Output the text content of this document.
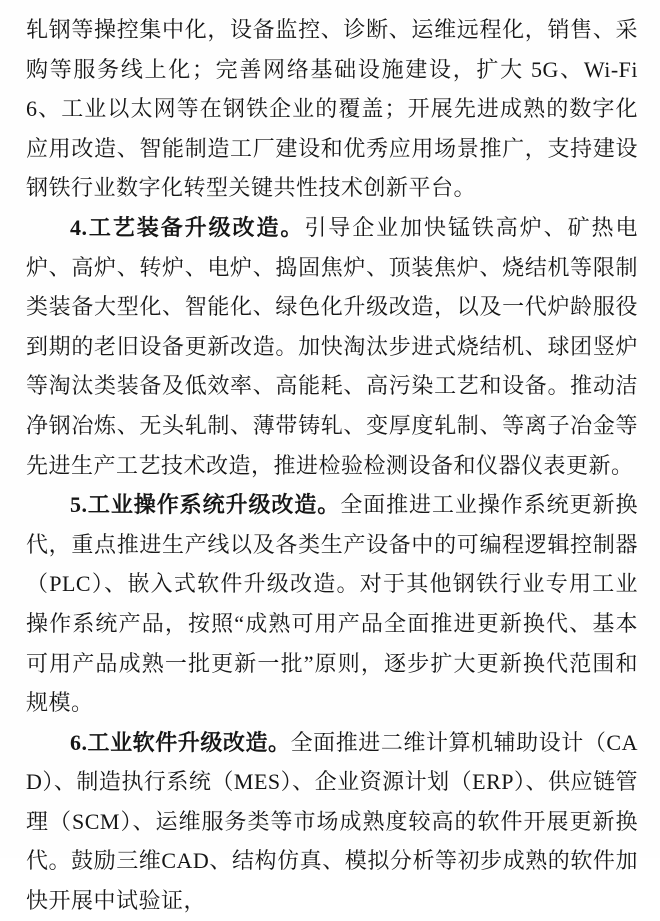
轧钢等操控集中化，设备监控、诊断、运维远程化，销售、采购等服务线上化；完善网络基础设施建设，扩大 5G、Wi-Fi6、工业以太网等在钢铁企业的覆盖；开展先进成熟的数字化应用改造、智能制造工厂建设和优秀应用场景推广，支持建设钢铁行业数字化转型关键共性技术创新平台。

4.工艺装备升级改造。引导企业加快锰铁高炉、矿热电炉、高炉、转炉、电炉、捣固焦炉、顶装焦炉、烧结机等限制类装备大型化、智能化、绿色化升级改造，以及一代炉龄服役到期的老旧设备更新改造。加快淘汰步进式烧结机、球团竖炉等淘汰类装备及低效率、高能耗、高污染工艺和设备。推动洁净钢冶炼、无头轧制、薄带铸轧、变厚度轧制、等离子冶金等先进生产工艺技术改造，推进检验检测设备和仪器仪表更新。

5.工业操作系统升级改造。全面推进工业操作系统更新换代，重点推进生产线以及各类生产设备中的可编程逻辑控制器（PLC）、嵌入式软件升级改造。对于其他钢铁行业专用工业操作系统产品，按照“成熟可用产品全面推进更新换代、基本可用产品成熟一批更新一批”原则，逐步扩大更新换代范围和规模。

6.工业软件升级改造。全面推进二维计算机辅助设计（CAD）、制造执行系统（MES）、企业资源计划（ERP）、供应链管理（SCM）、运维服务类等市场成熟度较高的软件开展更新换代。鼓励三维CAD、结构仿真、模拟分析等初步成熟的软件加快开展中试验证，
